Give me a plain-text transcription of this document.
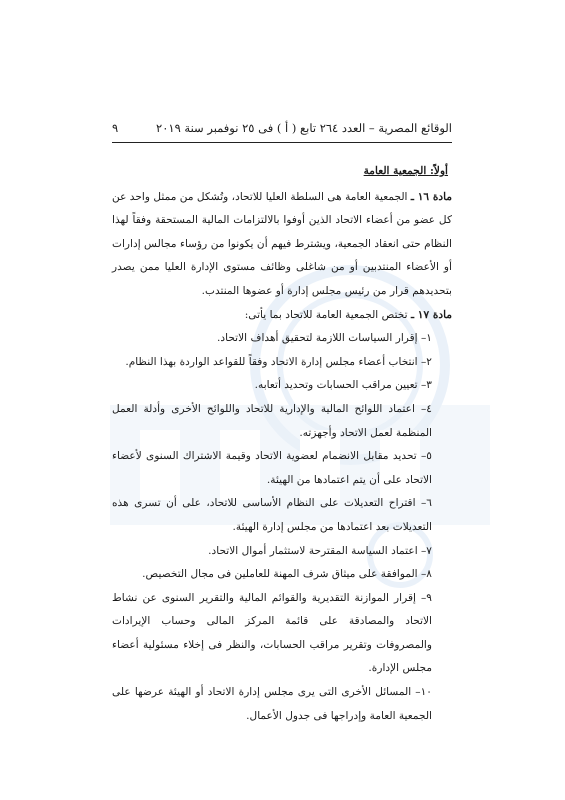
الوقائع المصرية – العدد ٢٦٤ تابع ( أ ) فى ٢٥ نوفمبر سنة ٢٠١٩
٩
أولاً: الجمعية العامة

مادة ١٦ ـ الجمعية العامة هى السلطة العليا للاتحاد، وتُشكل من ممثل واحد عن كل عضو من أعضاء الاتحاد الذين أوفوا بالالتزامات المالية المستحقة وفقاً لهذا النظام حتى انعقاد الجمعية، ويشترط فيهم أن يكونوا من رؤساء مجالس إدارات أو الأعضاء المنتدبين أو من شاغلى وظائف مستوى الإدارة العليا ممن يصدر بتحديدهم قرار من رئيس مجلس إدارة أو عضوها المنتدب.

مادة ١٧ ـ تختص الجمعية العامة للاتحاد بما يأتى:

١– إقرار السياسات اللازمة لتحقيق أهداف الاتحاد.

٢– انتخاب أعضاء مجلس إدارة الاتحاد وفقاً للقواعد الواردة بهذا النظام.

٣– تعيين مراقب الحسابات وتحديد أتعابه.

٤– اعتماد اللوائح المالية والإدارية للاتحاد واللوائح الأخرى وأدلة العمل المنظمة لعمل الاتحاد وأجهزته.

٥– تحديد مقابل الانضمام لعضوية الاتحاد وقيمة الاشتراك السنوى لأعضاء الاتحاد على أن يتم اعتمادها من الهيئة.

٦– اقتراح التعديلات على النظام الأساسى للاتحاد، على أن تسرى هذه التعديلات بعد اعتمادها من مجلس إدارة الهيئة.

٧– اعتماد السياسة المقترحة لاستثمار أموال الاتحاد.

٨– الموافقة على ميثاق شرف المهنة للعاملين فى مجال التخصيص.

٩– إقرار الموازنة التقديرية والقوائم المالية والتقرير السنوى عن نشاط الاتحاد والمصادقة على قائمة المركز المالى وحساب الإيرادات والمصروفات وتقرير مراقب الحسابات، والنظر فى إخلاء مسئولية أعضاء مجلس الإدارة.

١٠– المسائل الأخرى التى يرى مجلس إدارة الاتحاد أو الهيئة عرضها على الجمعية العامة وإدراجها فى جدول الأعمال.
